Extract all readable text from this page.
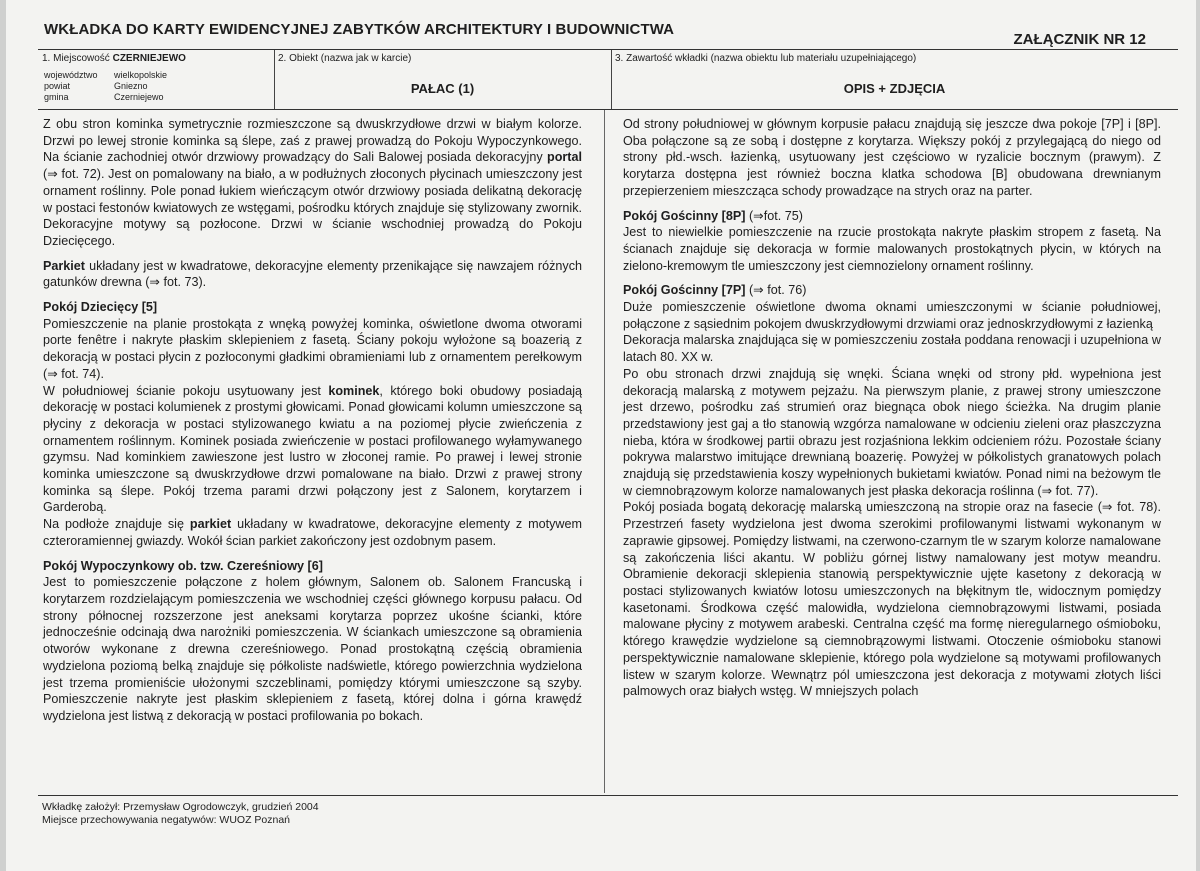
WKŁADKA DO KARTY EWIDENCYJNEJ ZABYTKÓW ARCHITEKTURY I BUDOWNICTWA
ZAŁĄCZNIK NR 12
1. Miejscowość CZERNIEJEWO
województwo wielkopolskie
powiat	Gniezno
gmina	Czerniejewo
2. Obiekt (nazwa jak w karcie)
PAŁAC (1)
3. Zawartość wkładki (nazwa obiektu lub materiału uzupełniającego)
OPIS + ZDJĘCIA

Z obu stron kominka symetrycznie rozmieszczone są dwuskrzydłowe drzwi w białym kolorze. Drzwi po lewej stronie kominka są ślepe, zaś z prawej prowadzą do Pokoju Wypoczynkowego. Na ścianie zachodniej otwór drzwiowy prowadzący do Sali Balowej posiada dekoracyjny portal (⇒ fot. 72). Jest on pomalowany na biało, a w podłużnych złoconych płycinach umieszczony jest ornament roślinny. Pole ponad łukiem wieńczącym otwór drzwiowy posiada delikatną dekorację w postaci festonów kwiatowych ze wstęgami, pośrodku których znajduje się stylizowany zwornik. Dekoracyjne motywy są pozłocone. Drzwi w ścianie wschodniej prowadzą do Pokoju Dziecięcego.

Parkiet układany jest w kwadratowe, dekoracyjne elementy przenikające się nawzajem różnych gatunków drewna (⇒ fot. 73).

Pokój Dziecięcy [5]

Pomieszczenie na planie prostokąta z wnęką powyżej kominka, oświetlone dwoma otworami porte fenêtre i nakryte płaskim sklepieniem z fasetą. Ściany pokoju wyłożone są boazerią z dekoracją w postaci płycin z pozłoconymi gładkimi obramieniami lub z ornamentem perełkowym (⇒ fot. 74).

W południowej ścianie pokoju usytuowany jest kominek, którego boki obudowy posiadają dekorację w postaci kolumienek z prostymi głowicami. Ponad głowicami kolumn umieszczone są płyciny z dekoracja w postaci stylizowanego kwiatu a na poziomej płycie zwieńczenia z ornamentem roślinnym. Kominek posiada zwieńczenie w postaci profilowanego wyłamywanego gzymsu. Nad kominkiem zawieszone jest lustro w złoconej ramie. Po prawej i lewej stronie kominka umieszczone są dwuskrzydłowe drzwi pomalowane na biało. Drzwi z prawej strony kominka są ślepe. Pokój trzema parami drzwi połączony jest z Salonem, korytarzem i Garderobą.

Na podłoże znajduje się parkiet układany w kwadratowe, dekoracyjne elementy z motywem czteroramiennej gwiazdy. Wokół ścian parkiet zakończony jest ozdobnym pasem.

Pokój Wypoczynkowy ob. tzw. Czereśniowy [6]

Jest to pomieszczenie połączone z holem głównym, Salonem ob. Salonem Francuską i korytarzem rozdzielającym pomieszczenia we wschodniej części głównego korpusu pałacu. Od strony północnej rozszerzone jest aneksami korytarza poprzez ukośne ścianki, które jednocześnie odcinają dwa narożniki pomieszczenia. W ściankach umieszczone są obramienia otworów wykonane z drewna czereśniowego. Ponad prostokątną częścią obramienia wydzielona poziomą belką znajduje się półkoliste nadświetle, którego powierzchnia wydzielona jest trzema promieniście ułożonymi szczeblinami, pomiędzy którymi umieszczone są szyby. Pomieszczenie nakryte jest płaskim sklepieniem z fasetą, której dolna i górna krawędź wydzielona jest listwą z dekoracją w postaci profilowania po bokach.

Od strony południowej w głównym korpusie pałacu znajdują się jeszcze dwa pokoje [7P] i [8P]. Oba połączone są ze sobą i dostępne z korytarza. Większy pokój z przylegającą do niego od strony płd.-wsch. łazienką, usytuowany jest częściowo w ryzalicie bocznym (prawym). Z korytarza dostępna jest również boczna klatka schodowa [B] obudowana drewnianym przepierzeniem mieszcząca schody prowadzące na strych oraz na parter.

Pokój Gościnny [8P] (⇒fot. 75)

Jest to niewielkie pomieszczenie na rzucie prostokąta nakryte płaskim stropem z fasetą. Na ścianach znajduje się dekoracja w formie malowanych prostokątnych płycin, w których na zielono-kremowym tle umieszczony jest ciemnozielony ornament roślinny.

Pokój Gościnny [7P] (⇒ fot. 76)

Duże pomieszczenie oświetlone dwoma oknami umieszczonymi w ścianie południowej, połączone z sąsiednim pokojem dwuskrzydłowymi drzwiami oraz jednoskrzydłowymi z łazienką

Dekoracja malarska znajdująca się w pomieszczeniu została poddana renowacji i uzupełniona w latach 80. XX w.

Po obu stronach drzwi znajdują się wnęki. Ściana wnęki od strony płd. wypełniona jest dekoracją malarską z motywem pejzażu. Na pierwszym planie, z prawej strony umieszczone jest drzewo, pośrodku zaś strumień oraz biegnąca obok niego ścieżka. Na drugim planie przedstawiony jest gaj a tło stanowią wzgórza namalowane w odcieniu zieleni oraz płaszczyzna nieba, która w środkowej partii obrazu jest rozjaśniona lekkim odcieniem różu. Pozostałe ściany pokrywa malarstwo imitujące drewnianą boazerię. Powyżej w półkolistych granatowych polach znajdują się przedstawienia koszy wypełnionych bukietami kwiatów. Ponad nimi na beżowym tle w ciemnobrązowym kolorze namalowanych jest płaska dekoracja roślinna (⇒ fot. 77).

Pokój posiada bogatą dekorację malarską umieszczoną na stropie oraz na fasecie (⇒ fot. 78). Przestrzeń fasety wydzielona jest dwoma szerokimi profilowanymi listwami wykonanym w zaprawie gipsowej. Pomiędzy listwami, na czerwono-czarnym tle w szarym kolorze namalowane są zakończenia liści akantu. W pobliżu górnej listwy namalowany jest motyw meandru. Obramienie dekoracji sklepienia stanowią perspektywicznie ujęte kasetony z dekoracją w postaci stylizowanych kwiatów lotosu umieszczonych na błękitnym tle, widocznym pomiędzy kasetonami. Środkowa część malowidła, wydzielona ciemnobrązowymi listwami, posiada malowane płyciny z motywem arabeski. Centralna część ma formę nieregularnego ośmioboku, którego krawędzie wydzielone są ciemnobrązowymi listwami. Otoczenie ośmioboku stanowi perspektywicznie namalowane sklepienie, którego pola wydzielone są motywami profilowanych listew w szarym kolorze. Wewnątrz pól umieszczona jest dekoracja z motywami złotych liści palmowych oraz białych wstęg. W mniejszych polach

Wkładkę założył: Przemysław Ogrodowczyk, grudzień 2004
Miejsce przechowywania negatywów: WUOZ Poznań
